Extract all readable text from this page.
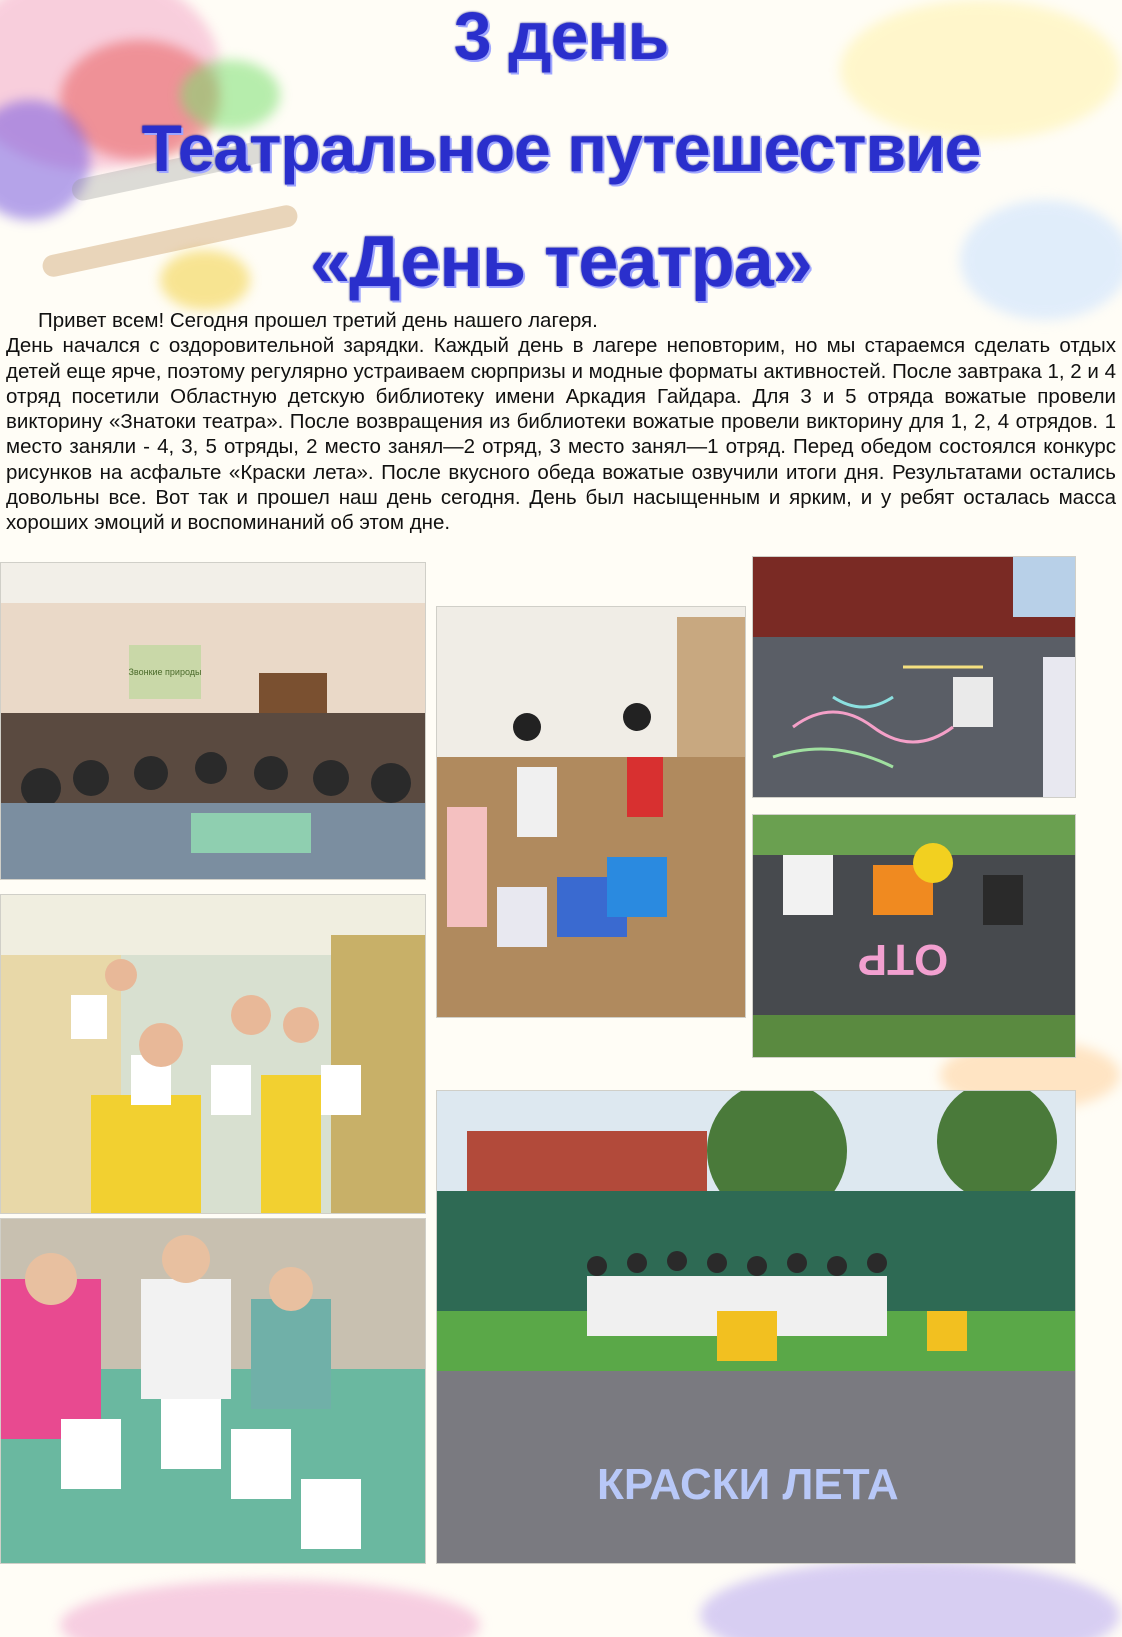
3 день
Театральное путешествие
«День театра»

Привет всем! Сегодня прошел третий день нашего лагеря.

День начался с оздоровительной зарядки. Каждый день в лагере неповторим, но мы стараемся сделать отдых детей еще ярче, поэтому регулярно устраиваем сюрпризы и модные форматы активностей. После завтрака 1, 2 и 4 отряд посетили Областную детскую библиотеку имени Аркадия Гайдара. Для 3 и 5 отряда вожатые провели викторину «Знатоки театра». После возвращения из библиотеки вожатые провели викторину для 1, 2, 4 отрядов. 1 место заняли - 4, 3, 5 отряды, 2 место занял—2 отряд, 3 место занял—1 отряд. Перед обедом состоялся конкурс рисунков на асфальте «Краски лета». После вкусного обеда вожатые озвучили итоги дня. Результатами остались довольны все. Вот так и прошел наш день сегодня. День был насыщенным и ярким, и у ребят осталась масса хороших эмоций и воспоминаний об этом дне.

Звонкие природы
ОТР
КРАСКИ ЛЕТА
